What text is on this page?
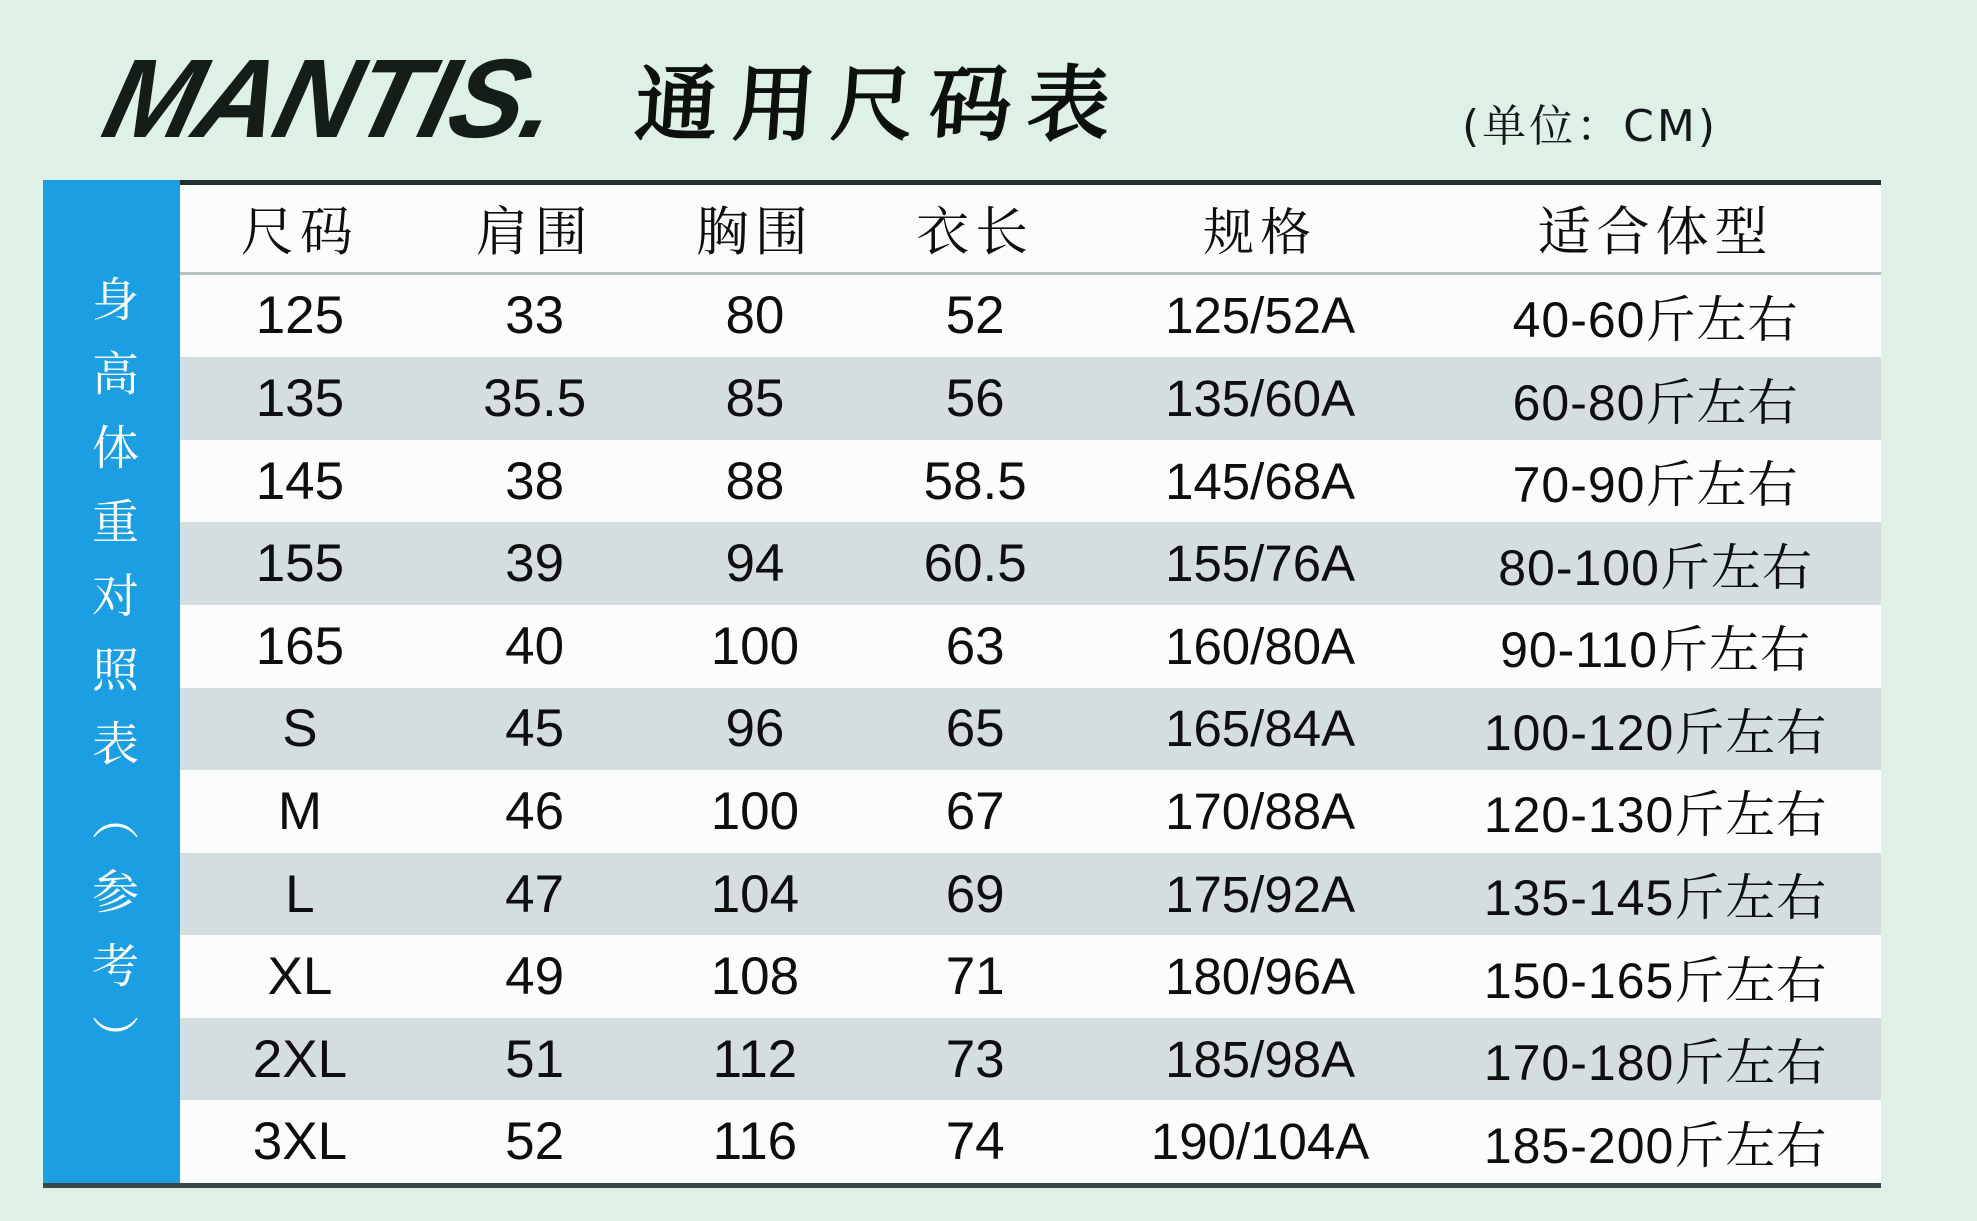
MANTIS. 通用尺码表	(单位：CM)
身高体重对照表（参考）
尺码	肩围	胸围	衣长	规格	适合体型
125	33	80	52	125/52A	40-60斤左右
135	35.5	85	56	135/60A	60-80斤左右
145	38	88	58.5	145/68A	70-90斤左右
155	39	94	60.5	155/76A	80-100斤左右
165	40	100	63	160/80A	90-110斤左右
S	45	96	65	165/84A	100-120斤左右
M	46	100	67	170/88A	120-130斤左右
L	47	104	69	175/92A	135-145斤左右
XL	49	108	71	180/96A	150-165斤左右
2XL	51	112	73	185/98A	170-180斤左右
3XL	52	116	74	190/104A	185-200斤左右
